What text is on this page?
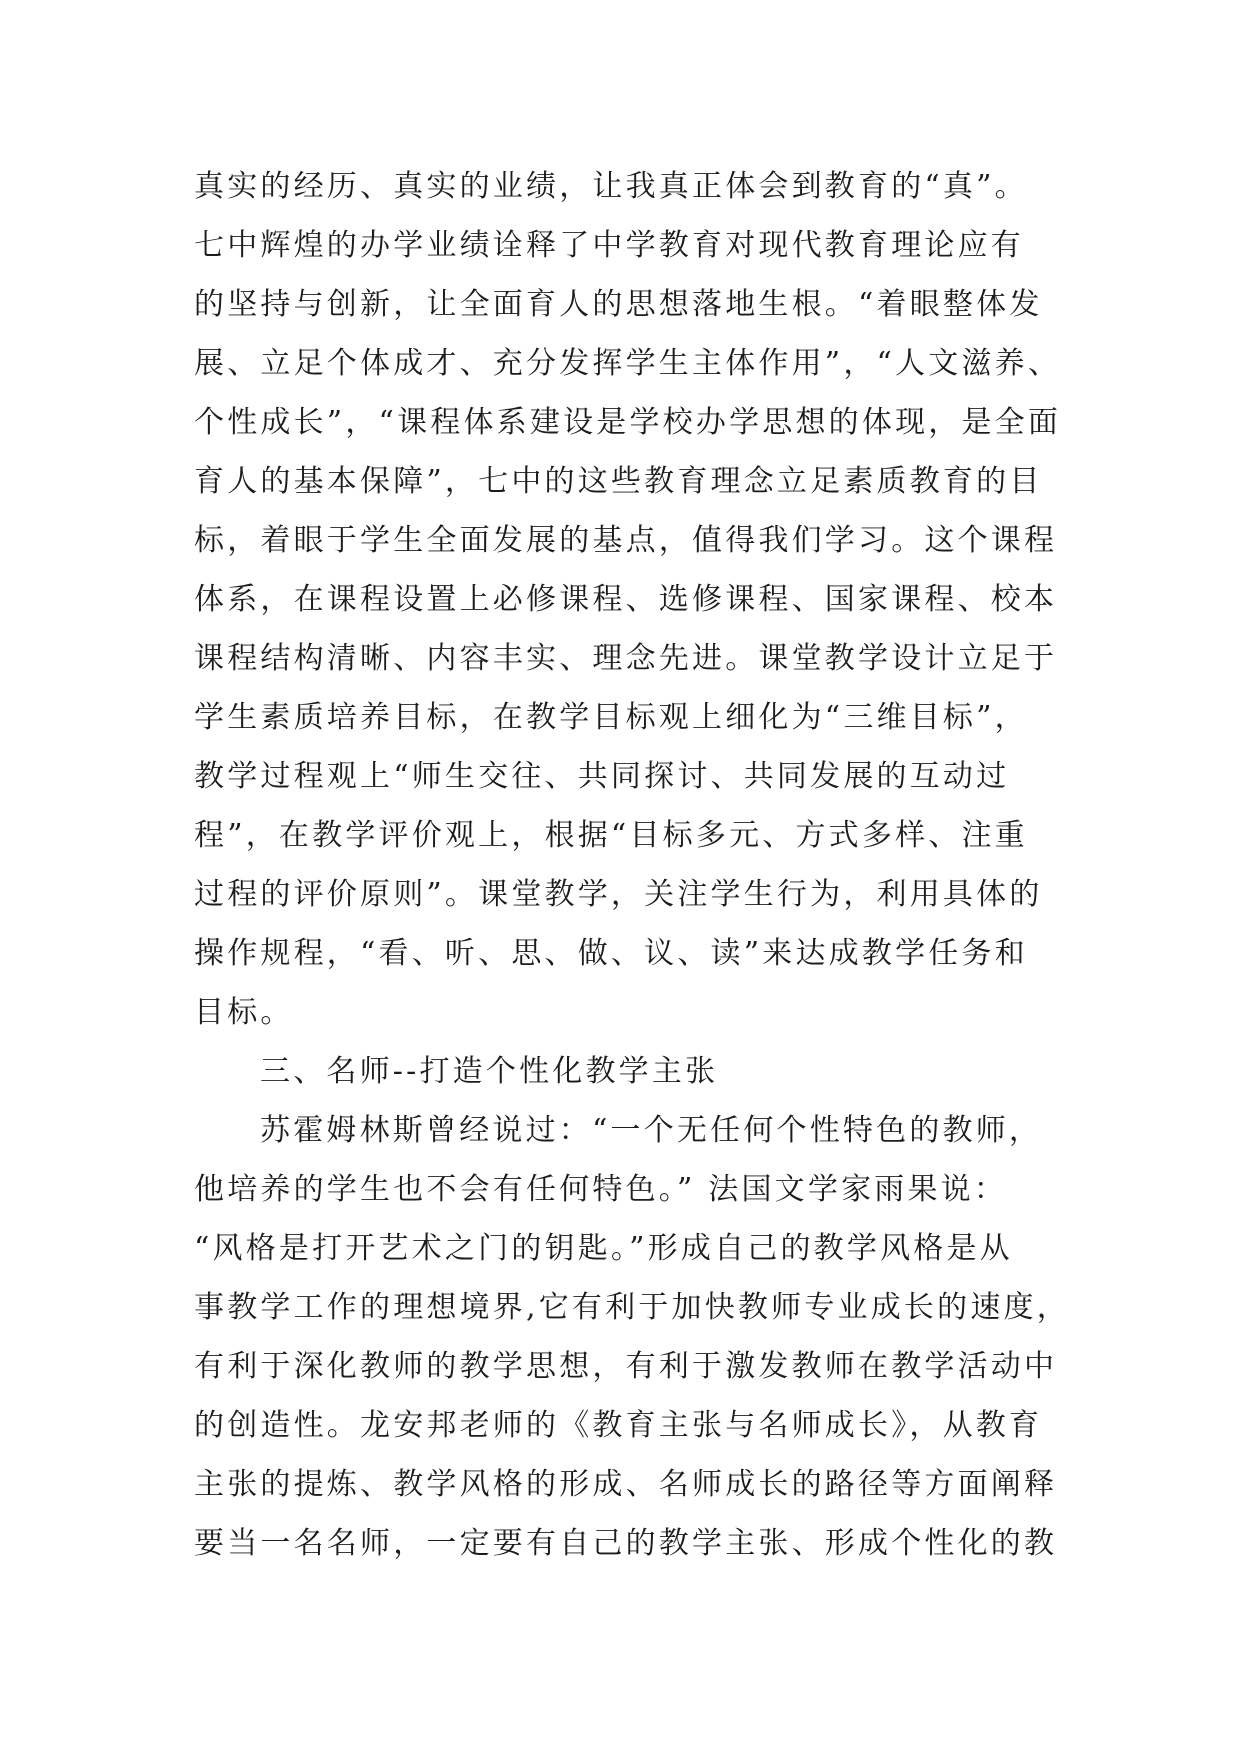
真实的经历、真实的业绩，让我真正体会到教育的“真”。
七中辉煌的办学业绩诠释了中学教育对现代教育理论应有
的坚持与创新，让全面育人的思想落地生根。“着眼整体发
展、立足个体成才、充分发挥学生主体作用”，“人文滋养、
个性成长”，“课程体系建设是学校办学思想的体现，是全面
育人的基本保障”，七中的这些教育理念立足素质教育的目
标，着眼于学生全面发展的基点，值得我们学习。这个课程
体系，在课程设置上必修课程、选修课程、国家课程、校本
课程结构清晰、内容丰实、理念先进。课堂教学设计立足于
学生素质培养目标，在教学目标观上细化为“三维目标”，
教学过程观上“师生交往、共同探讨、共同发展的互动过
程”，在教学评价观上，根据“目标多元、方式多样、注重
过程的评价原则”。课堂教学，关注学生行为，利用具体的
操作规程，“看、听、思、做、议、读”来达成教学任务和
目标。
三、名师--打造个性化教学主张
苏霍姆林斯曾经说过：“一个无任何个性特色的教师，
他培养的学生也不会有任何特色。” 法国文学家雨果说：
“风格是打开艺术之门的钥匙。”形成自己的教学风格是从
事教学工作的理想境界,它有利于加快教师专业成长的速度，
有利于深化教师的教学思想，有利于激发教师在教学活动中
的创造性。龙安邦老师的《教育主张与名师成长》，从教育
主张的提炼、教学风格的形成、名师成长的路径等方面阐释
要当一名名师，一定要有自己的教学主张、形成个性化的教
